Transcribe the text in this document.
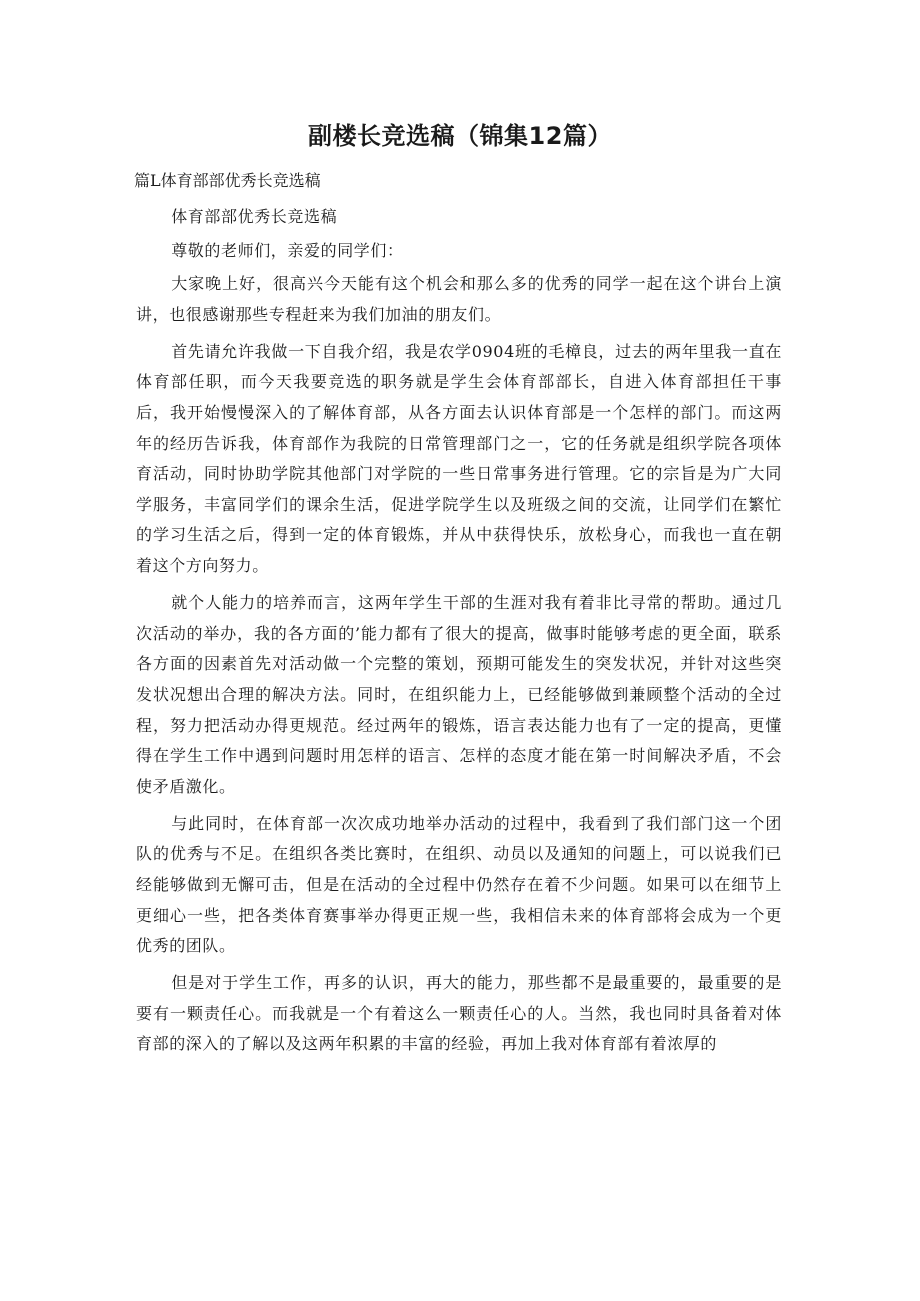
副楼长竞选稿（锦集12篇）
篇L体育部部优秀长竞选稿

体育部部优秀长竞选稿

尊敬的老师们，亲爱的同学们：

大家晚上好，很高兴今天能有这个机会和那么多的优秀的同学一起在这个讲台上演讲，也很感谢那些专程赶来为我们加油的朋友们。

首先请允许我做一下自我介绍，我是农学0904班的毛樟良，过去的两年里我一直在体育部任职，而今天我要竞选的职务就是学生会体育部部长，自进入体育部担任干事后，我开始慢慢深入的了解体育部，从各方面去认识体育部是一个怎样的部门。而这两年的经历告诉我，体育部作为我院的日常管理部门之一，它的任务就是组织学院各项体育活动，同时协助学院其他部门对学院的一些日常事务进行管理。它的宗旨是为广大同学服务，丰富同学们的课余生活，促进学院学生以及班级之间的交流，让同学们在繁忙的学习生活之后，得到一定的体育锻炼，并从中获得快乐，放松身心，而我也一直在朝着这个方向努力。

就个人能力的培养而言，这两年学生干部的生涯对我有着非比寻常的帮助。通过几次活动的举办，我的各方面的’能力都有了很大的提高，做事时能够考虑的更全面，联系各方面的因素首先对活动做一个完整的策划，预期可能发生的突发状况，并针对这些突发状况想出合理的解决方法。同时，在组织能力上，已经能够做到兼顾整个活动的全过程，努力把活动办得更规范。经过两年的锻炼，语言表达能力也有了一定的提高，更懂得在学生工作中遇到问题时用怎样的语言、怎样的态度才能在第一时间解决矛盾，不会使矛盾激化。

与此同时，在体育部一次次成功地举办活动的过程中，我看到了我们部门这一个团队的优秀与不足。在组织各类比赛时，在组织、动员以及通知的问题上，可以说我们已经能够做到无懈可击，但是在活动的全过程中仍然存在着不少问题。如果可以在细节上更细心一些，把各类体育赛事举办得更正规一些，我相信未来的体育部将会成为一个更优秀的团队。

但是对于学生工作，再多的认识，再大的能力，那些都不是最重要的，最重要的是要有一颗责任心。而我就是一个有着这么一颗责任心的人。当然，我也同时具备着对体育部的深入的了解以及这两年积累的丰富的经验，再加上我对体育部有着浓厚的
